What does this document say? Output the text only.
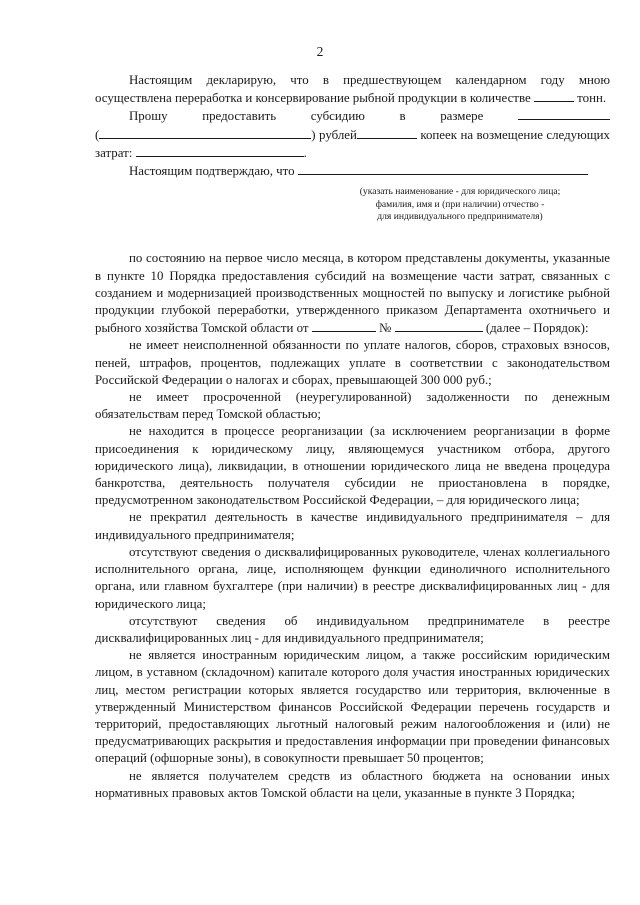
2

Настоящим декларирую, что в предшествующем календарном году мною осуществлена переработка и консервирование рыбной продукции в количестве	тонн.

Прошу	предоставить	субсидию	в	размере

(	) рублей	копеек на возмещение следующих

затрат:	.

Настоящим подтверждаю, что

(указать наименование - для юридического лица;
фамилия, имя и (при наличии) отчество -
для индивидуального предпринимателя)

по состоянию на первое число месяца, в котором представлены документы, указанные в пункте 10 Порядка предоставления субсидий на возмещение части затрат, связанных с созданием и модернизацией производственных мощностей по выпуску и логистике рыбной продукции глубокой переработки, утвержденного приказом Департамента охотничьего и рыбного хозяйства Томской области от	№	(далее – Порядок):

не имеет неисполненной обязанности по уплате налогов, сборов, страховых взносов, пеней, штрафов, процентов, подлежащих уплате в соответствии с законодательством Российской Федерации о налогах и сборах, превышающей 300 000 руб.;

не имеет просроченной (неурегулированной) задолженности по денежным обязательствам перед Томской областью;

не находится в процессе реорганизации (за исключением реорганизации в форме присоединения к юридическому лицу, являющемуся участником отбора, другого юридического лица), ликвидации, в отношении юридического лица не введена процедура банкротства, деятельность получателя субсидии не приостановлена в порядке, предусмотренном законодательством Российской Федерации, – для юридического лица;

не прекратил деятельность в качестве индивидуального предпринимателя – для индивидуального предпринимателя;

отсутствуют сведения о дисквалифицированных руководителе, членах коллегиального исполнительного органа, лице, исполняющем функции единоличного исполнительного органа, или главном бухгалтере (при наличии) в реестре дисквалифицированных лиц - для юридического лица;

отсутствуют сведения об индивидуальном предпринимателе в реестре дисквалифицированных лиц - для индивидуального предпринимателя;

не является иностранным юридическим лицом, а также российским юридическим лицом, в уставном (складочном) капитале которого доля участия иностранных юридических лиц, местом регистрации которых является государство или территория, включенные в утвержденный Министерством финансов Российской Федерации перечень государств и территорий, предоставляющих льготный налоговый режим налогообложения и (или) не предусматривающих раскрытия и предоставления информации при проведении финансовых операций (офшорные зоны), в совокупности превышает 50 процентов;

не является получателем средств из областного бюджета на основании иных нормативных правовых актов Томской области на цели, указанные в пункте 3 Порядка;
